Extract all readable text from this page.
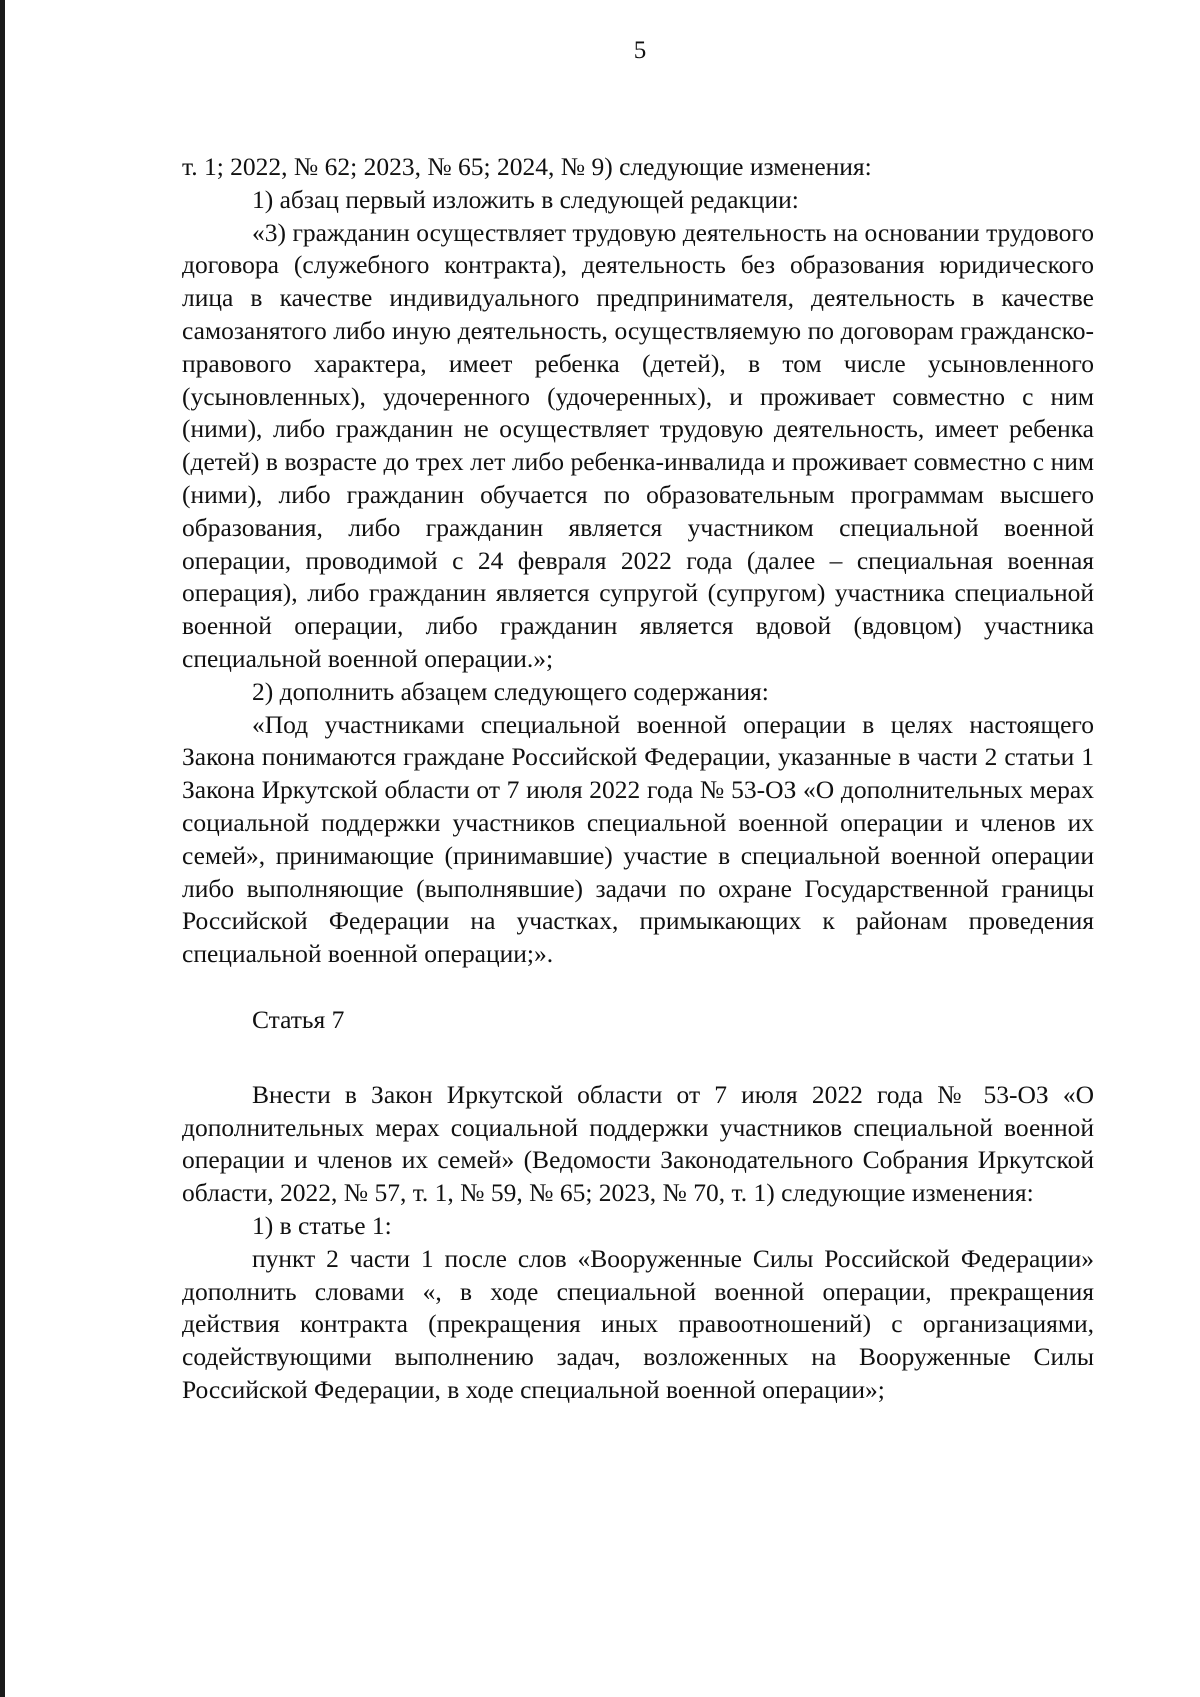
5

т. 1; 2022, № 62; 2023, № 65; 2024, № 9) следующие изменения:

1) абзац первый изложить в следующей редакции:

«3) гражданин осуществляет трудовую деятельность на основании трудового договора (служебного контракта), деятельность без образования юридического лица в качестве индивидуального предпринимателя, деятельность в качестве самозанятого либо иную деятельность, осуществляемую по договорам гражданско-правового характера, имеет ребенка (детей), в том числе усыновленного (усыновленных), удочеренного (удочеренных), и проживает совместно с ним (ними), либо гражданин не осуществляет трудовую деятельность, имеет ребенка (детей) в возрасте до трех лет либо ребенка-инвалида и проживает совместно с ним (ними), либо гражданин обучается по образовательным программам высшего образования, либо гражданин является участником специальной военной операции, проводимой с 24 февраля 2022 года (далее – специальная военная операция), либо гражданин является супругой (супругом) участника специальной военной операции, либо гражданин является вдовой (вдовцом) участника специальной военной операции.»;

2) дополнить абзацем следующего содержания:

«Под участниками специальной военной операции в целях настоящего Закона понимаются граждане Российской Федерации, указанные в части 2 статьи 1 Закона Иркутской области от 7 июля 2022 года № 53-ОЗ «О дополнительных мерах социальной поддержки участников специальной военной операции и членов их семей», принимающие (принимавшие) участие в специальной военной операции либо выполняющие (выполнявшие) задачи по охране Государственной границы Российской Федерации на участках, примыкающих к районам проведения специальной военной операции;».

Статья 7

Внести в Закон Иркутской области от 7 июля 2022 года № 53-ОЗ «О дополнительных мерах социальной поддержки участников специальной военной операции и членов их семей» (Ведомости Законодательного Собрания Иркутской области, 2022, № 57, т. 1, № 59, № 65; 2023, № 70, т. 1) следующие изменения:

1) в статье 1:

пункт 2 части 1 после слов «Вооруженные Силы Российской Федерации» дополнить словами «, в ходе специальной военной операции, прекращения действия контракта (прекращения иных правоотношений) с организациями, содействующими выполнению задач, возложенных на Вооруженные Силы Российской Федерации, в ходе специальной военной операции»;
